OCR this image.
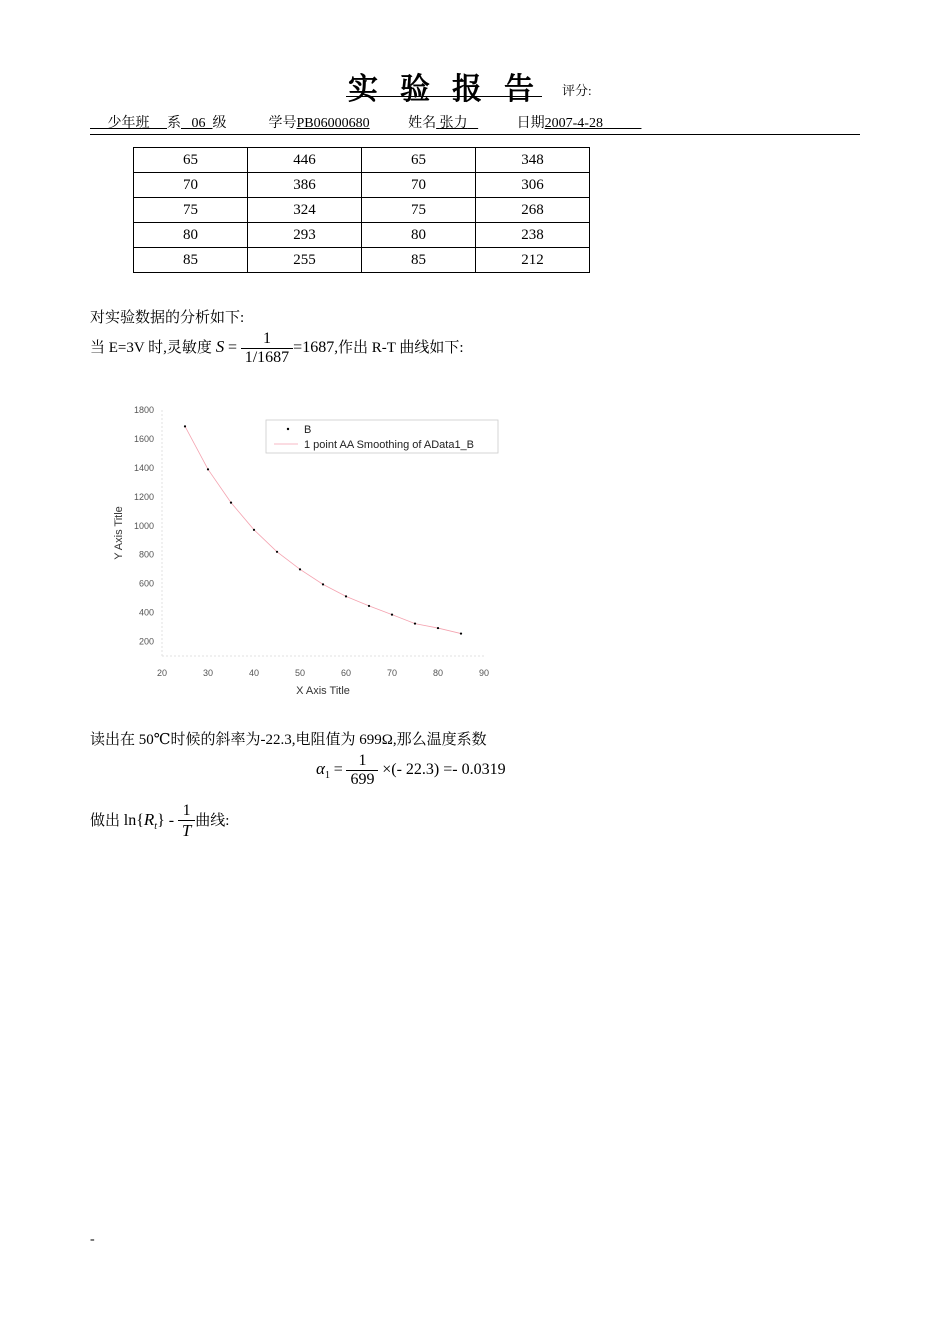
实验报告 评分:
少年班 系 06 级	学号PB06000680	姓名 张力	日期2007-4-28
65	446	65	348
70	386	70	306
75	324	75	268
80	293	80	238
85	255	85	212
对实验数据的分析如下:
当 E=3V 时,灵敏度 $S = \frac{1}{1/1687} =1687$,作出 R-T 曲线如下:
20	30	40	50	60	70	80	90
200
400
600
800
1000
1200
1400
1600
1800
X Axis Title
Y Axis Title
B
1 point AA Smoothing of AData1_B
读出在 50℃时候的斜率为-22.3,电阻值为 699Ω,那么温度系数
$\alpha_1 = \frac{1}{699}$ ×(- 22.3) =- 0.0319
做出 $\ln\{R_t\} - \frac{1}{T}$ 曲线:
-
